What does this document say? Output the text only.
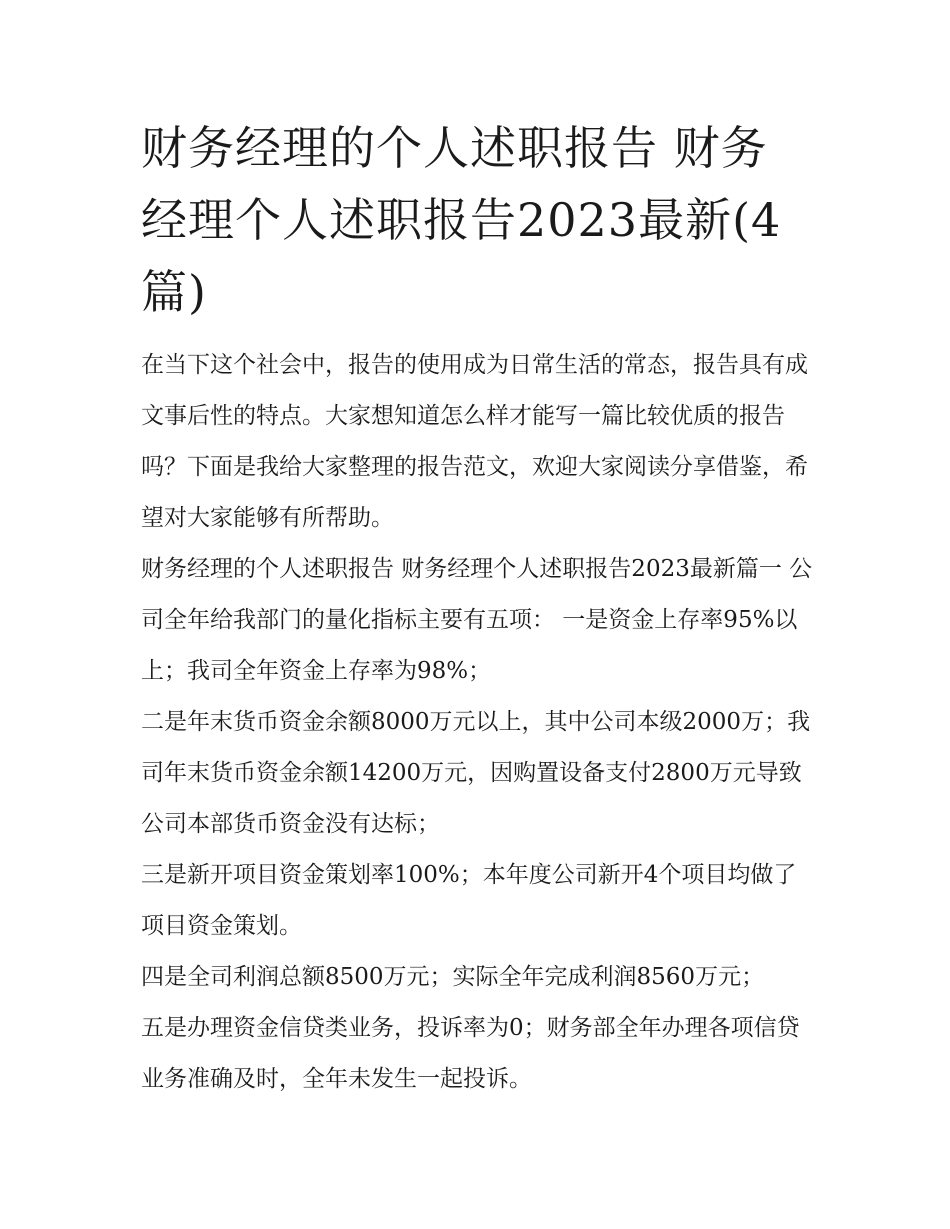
财务经理的个人述职报告 财务经理个人述职报告2023最新(4篇)

在当下这个社会中，报告的使用成为日常生活的常态，报告具有成文事后性的特点。大家想知道怎么样才能写一篇比较优质的报告吗？下面是我给大家整理的报告范文，欢迎大家阅读分享借鉴，希望对大家能够有所帮助。

财务经理的个人述职报告 财务经理个人述职报告2023最新篇一 公司全年给我部门的量化指标主要有五项： 一是资金上存率95%以上；我司全年资金上存率为98%；

二是年末货币资金余额8000万元以上，其中公司本级2000万；我司年末货币资金余额14200万元，因购置设备支付2800万元导致公司本部货币资金没有达标；

三是新开项目资金策划率100%；本年度公司新开4个项目均做了项目资金策划。

四是全司利润总额8500万元；实际全年完成利润8560万元；

五是办理资金信贷类业务，投诉率为0；财务部全年办理各项信贷业务准确及时，全年未发生一起投诉。
